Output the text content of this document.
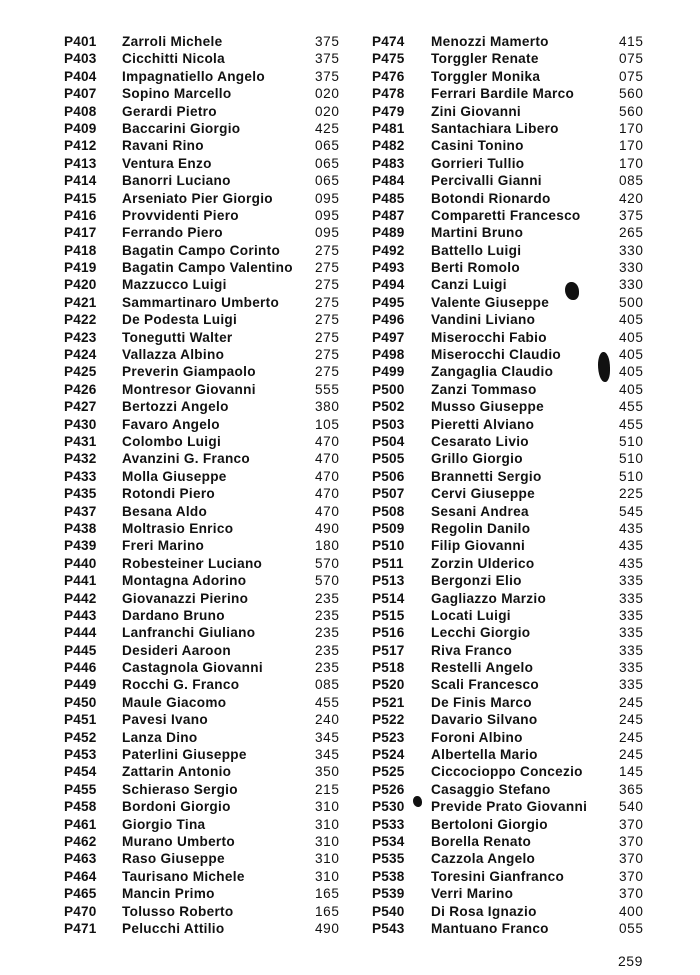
P401 Zarroli Michele	375
P403 Cicchitti Nicola	375
P404 Impagnatiello Angelo	375
P407 Sopino Marcello	020
P408 Gerardi Pietro	020
P409 Baccarini Giorgio	425
P412 Ravani Rino	065
P413 Ventura Enzo	065
P414 Banorri Luciano	065
P415 Arseniato Pier Giorgio	095
P416 Provvidenti Piero	095
P417 Ferrando Piero	095
P418 Bagatin Campo Corinto	275
P419 Bagatin Campo Valentino 275
P420 Mazzucco Luigi	275
P421 Sammartinaro Umberto	275
P422 De Podesta Luigi	275
P423 Tonegutti Walter	275
P424 Vallazza Albino	275
P425 Preverin Giampaolo	275
P426 Montresor Giovanni	555
P427 Bertozzi Angelo	380
P430 Favaro Angelo	105
P431 Colombo Luigi	470
P432 Avanzini G. Franco	470
P433 Molla Giuseppe	470
P435 Rotondi Piero	470
P437 Besana Aldo	470
P438 Moltrasio Enrico	490
P439 Freri Marino	180
P440 Robesteiner Luciano	570
P441 Montagna Adorino	570
P442 Giovanazzi Pierino	235
P443 Dardano Bruno	235
P444 Lanfranchi Giuliano	235
P445 Desideri Aaroon	235
P446 Castagnola Giovanni	235
P449 Rocchi G. Franco	085
P450 Maule Giacomo	455
P451 Pavesi Ivano	240
P452 Lanza Dino	345
P453 Paterlini Giuseppe	345
P454 Zattarin Antonio	350
P455 Schieraso Sergio	215
P458 Bordoni Giorgio	310
P461 Giorgio Tina	310
P462 Murano Umberto	310
P463 Raso Giuseppe	310
P464 Taurisano Michele	310
P465 Mancin Primo	165
P470 Tolusso Roberto	165
P471 Pelucchi Attilio	490
P474 Menozzi Mamerto	415
P475 Torggler Renate	075
P476 Torggler Monika	075
P478 Ferrari Bardile Marco	560
P479 Zini Giovanni	560
P481 Santachiara Libero	170
P482 Casini Tonino	170
P483 Gorrieri Tullio	170
P484 Percivalli Gianni	085
P485 Botondi Rionardo	420
P487 Comparetti Francesco	375
P489 Martini Bruno	265
P492 Battello Luigi	330
P493 Berti Romolo	330
P494 Canzi Luigi	330
P495 Valente Giuseppe	500
P496 Vandini Liviano	405
P497 Miserocchi Fabio	405
P498 Miserocchi Claudio	405
P499 Zangaglia Claudio	405
P500 Zanzi Tommaso	405
P502 Musso Giuseppe	455
P503 Pieretti Alviano	455
P504 Cesarato Livio	510
P505 Grillo Giorgio	510
P506 Brannetti Sergio	510
P507 Cervi Giuseppe	225
P508 Sesani Andrea	545
P509 Regolin Danilo	435
P510 Filip Giovanni	435
P511 Zorzin Ulderico	435
P513 Bergonzi Elio	335
P514 Gagliazzo Marzio	335
P515 Locati Luigi	335
P516 Lecchi Giorgio	335
P517 Riva Franco	335
P518 Restelli Angelo	335
P520 Scali Francesco	335
P521 De Finis Marco	245
P522 Davario Silvano	245
P523 Foroni Albino	245
P524 Albertella Mario	245
P525 Ciccocioppo Concezio	145
P526 Casaggio Stefano	365
P530 Previde Prato Giovanni 540
P533 Bertoloni Giorgio	370
P534 Borella Renato	370
P535 Cazzola Angelo	370
P538 Toresini Gianfranco	370
P539 Verri Marino	370
P540 Di Rosa Ignazio	400
P543 Mantuano Franco	055
259
